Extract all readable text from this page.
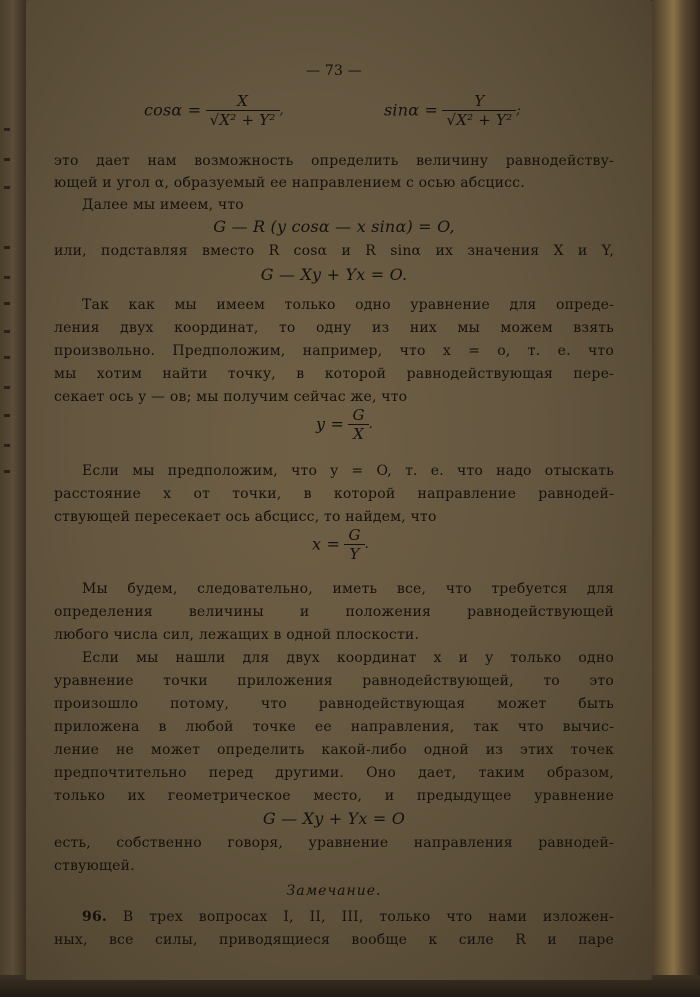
— 73 —
$\cos\alpha = \frac{X}{\text{√X² + Y²}}$ ,	$\sin\alpha = \frac{Y}{\text{√X² + Y²}}$ ;
это дает нам возможность определить величину равнодейству-
ющей и угол α, образуемый ее направлением с осью абсцисс.
Далее мы имеем, что
G — R (y cosα — x sinα) = O,
или, подставляя вместо R cosα и R sinα их значения X и Y,
G — Xy + Yx = O.
Так как мы имеем только одно уравнение для опреде-
ления двух координат, то одну из них мы можем взять
произвольно. Предположим, например, что x = o, т. е. что
мы хотим найти точку, в которой равнодействующая пере-
секает ось y — ов; мы получим сейчас же, что
$y = \frac{G}{X}$ .
Если мы предположим, что y = O, т. е. что надо отыскать
расстояние x от точки, в которой направление равнодей-
ствующей пересекает ось абсцисс, то найдем, что
$x = \frac{G}{Y}$ .
Мы будем, следовательно, иметь все, что требуется для
определения величины и положения равнодействующей
любого числа сил, лежащих в одной плоскости.
Если мы нашли для двух координат x и y только одно
уравнение точки приложения равнодействующей, то это
произошло потому, что равнодействующая может быть
приложена в любой точке ее направления, так что вычис-
ление не может определить какой-либо одной из этих точек
предпочтительно перед другими. Оно дает, таким образом,
только их геометрическое место, и предыдущее уравнение
G — Xy + Yx = O
есть, собственно говоря, уравнение направления равнодей-
ствующей.
Замечание.
96. В трех вопросах I, II, III, только что нами изложен-
ных, все силы, приводящиеся вообще к силе R и паре
